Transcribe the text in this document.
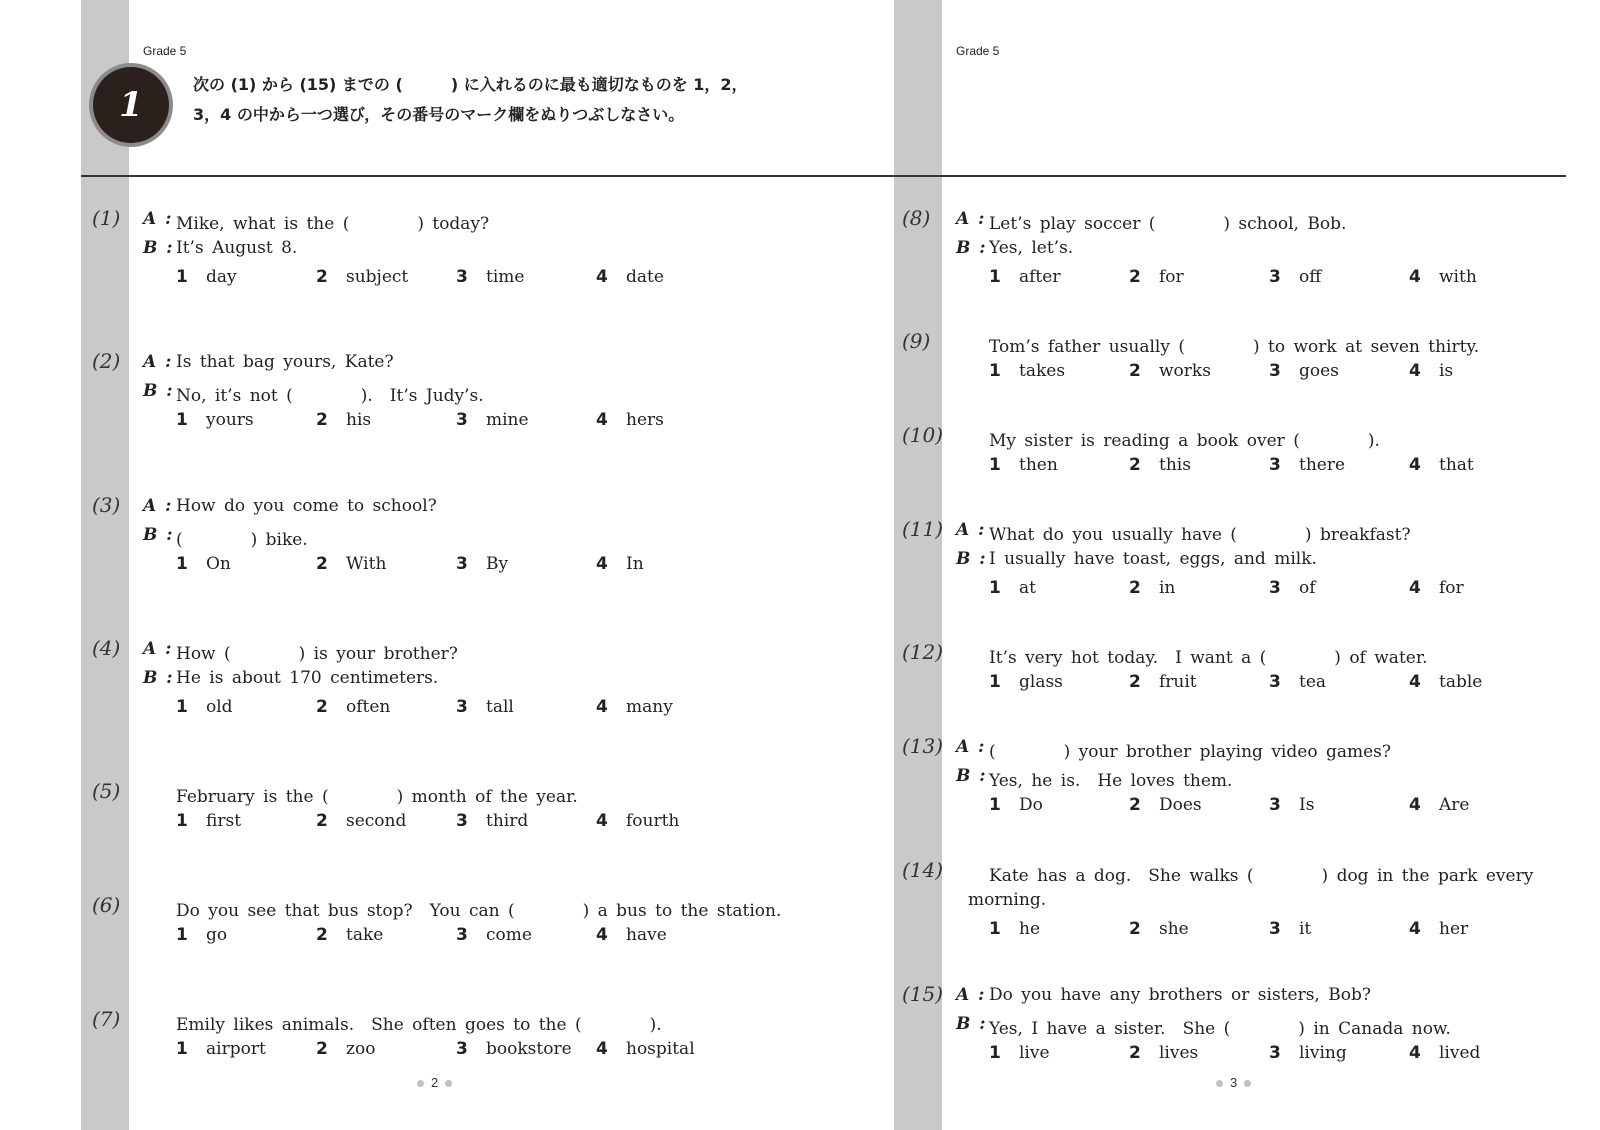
Grade 5	Grade 5
1
次の (1) から (15) までの (　　　) に入れるのに最も適切なものを 1，2，
3，4 の中から一つ選び，その番号のマーク欄をぬりつぶしなさい。
(1) A : Mike, what is the (　　　　) today?
B : It’s August 8.
1 day	2 subject	3 time	4 date
(2) A : Is that bag yours, Kate?
B : No, it’s not (　　　　).　It’s Judy’s.
1 yours	2 his	3 mine	4 hers
(3) A : How do you come to school?
B : (　　　　) bike.
1 On	2 With	3 By	4 In
(4) A : How (　　　　) is your brother?
B : He is about 170 centimeters.
1 old	2 often	3 tall	4 many
(5)	February is the (　　　　) month of the year.
1 first	2 second	3 third	4 fourth
(6)	Do you see that bus stop?　You can (　　　　) a bus to the station.
1 go	2 take	3 come	4 have
(7)	Emily likes animals.　She often goes to the (　　　　).
1 airport	2 zoo	3 bookstore 4 hospital
(8) A : Let’s play soccer (　　　　) school, Bob.
B : Yes, let’s.
1 after	2 for	3 off	4 with
(9)	Tom’s father usually (　　　　) to work at seven thirty.
1 takes	2 works	3 goes	4 is
(10)	My sister is reading a book over (　　　　).
1 then	2 this	3 there	4 that
(11) A : What do you usually have (　　　　) breakfast?
B : I usually have toast, eggs, and milk.
1 at	2 in	3 of	4 for
(12)	It’s very hot today.　I want a (　　　　) of water.
1 glass	2 fruit	3 tea	4 table
(13) A : (　　　　) your brother playing video games?
B : Yes, he is.　He loves them.
1 Do	2 Does	3 Is	4 Are
(14)	Kate has a dog.　She walks (　　　　) dog in the park every
morning.
1 he	2 she	3 it	4 her
(15) A : Do you have any brothers or sisters, Bob?
B : Yes, I have a sister.　She (　　　　) in Canada now.
1 live	2 lives	3 living	4 lived
2	3
